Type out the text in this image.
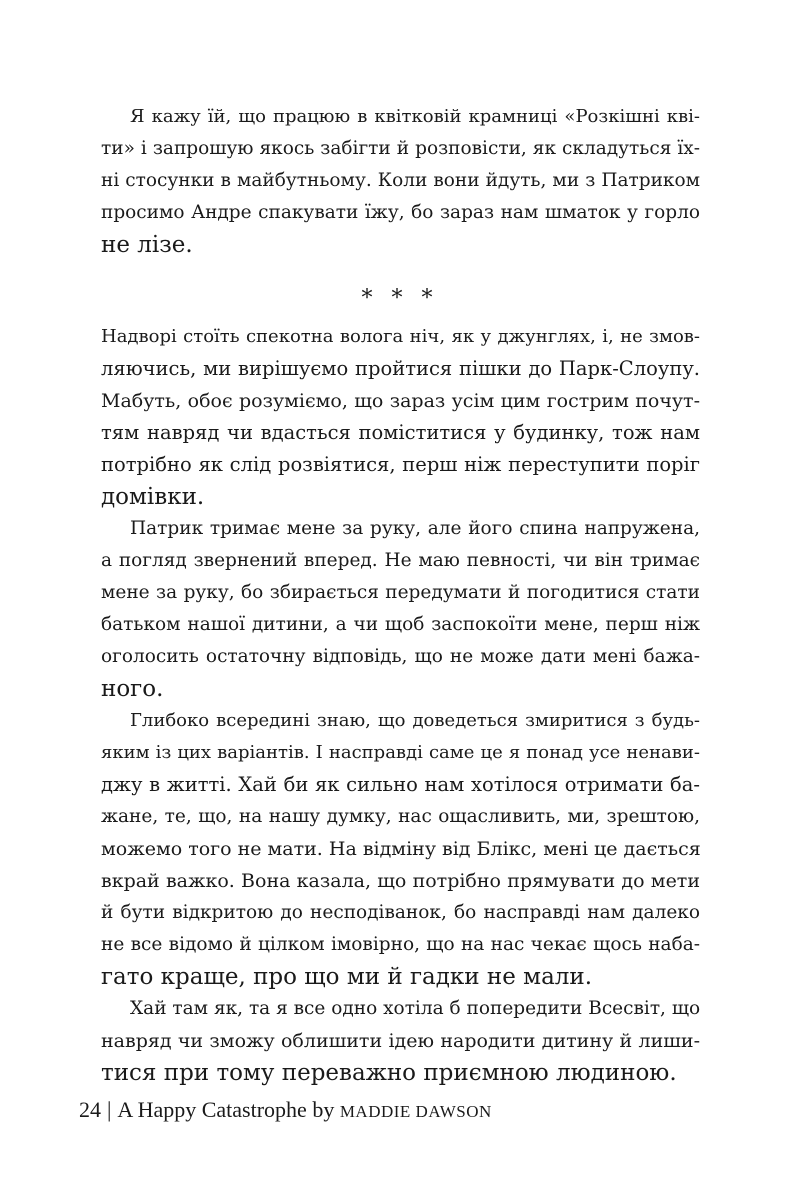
Я кажу їй, що працюю в квітковій крамниці «Розкішні кві-
ти» і запрошую якось забігти й розповісти, як складуться їх-
ні стосунки в майбутньому. Коли вони йдуть, ми з Патриком
просимо Андре спакувати їжу, бо зараз нам шматок у горло
не лізе.
* * *
Надворі стоїть спекотна волога ніч, як у джунглях, і, не змов-
ляючись, ми вирішуємо пройтися пішки до Парк-Слоупу.
Мабуть, обоє розуміємо, що зараз усім цим гострим почут-
тям навряд чи вдасться поміститися у будинку, тож нам
потрібно як слід розвіятися, перш ніж переступити поріг
домівки.
Патрик тримає мене за руку, але його спина напружена,
а погляд звернений вперед. Не маю певності, чи він тримає
мене за руку, бо збирається передумати й погодитися стати
батьком нашої дитини, а чи щоб заспокоїти мене, перш ніж
оголосить остаточну відповідь, що не може дати мені бажа-
ного.
Глибоко всередині знаю, що доведеться змиритися з будь-
яким із цих варіантів. І насправді саме це я понад усе ненави-
джу в житті. Хай би як сильно нам хотілося отримати ба-
жане, те, що, на нашу думку, нас ощасливить, ми, зрештою,
можемо того не мати. На відміну від Блікс, мені це дається
вкрай важко. Вона казала, що потрібно прямувати до мети
й бути відкритою до несподіванок, бо насправді нам далеко
не все відомо й цілком імовірно, що на нас чекає щось наба-
гато краще, про що ми й гадки не мали.
Хай там як, та я все одно хотіла б попередити Всесвіт, що
навряд чи зможу облишити ідею народити дитину й лиши-
тися при тому переважно приємною людиною.
24 | A Happy Catastrophe by MADDIE DAWSON
